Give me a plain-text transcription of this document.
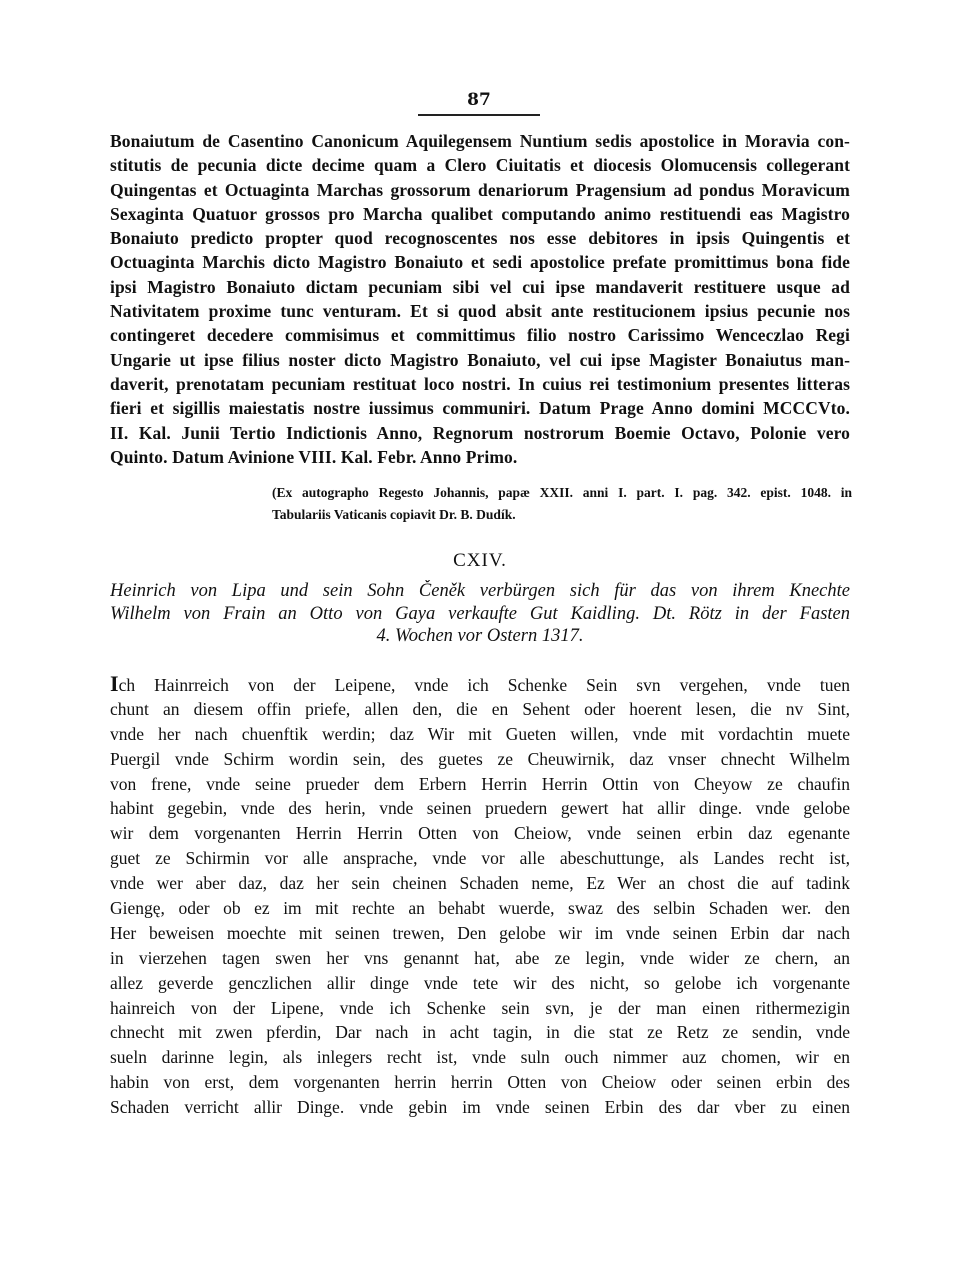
87
Bonaiutum de Casentino Canonicum Aquilegensem Nuntium sedis apostolice in Moravia con-
stitutis de pecunia dicte decime quam a Clero Ciuitatis et diocesis Olomucensis collegerant
Quingentas et Octuaginta Marchas grossorum denariorum Pragensium ad pondus Moravicum
Sexaginta Quatuor grossos pro Marcha qualibet computando animo restituendi eas Magistro
Bonaiuto predicto propter quod recognoscentes nos esse debitores in ipsis Quingentis et
Octuaginta Marchis dicto Magistro Bonaiuto et sedi apostolice prefate promittimus bona fide
ipsi Magistro Bonaiuto dictam pecuniam sibi vel cui ipse mandaverit restituere usque ad
Nativitatem proxime tunc venturam. Et si quod absit ante restitucionem ipsius pecunie nos
contingeret decedere commisimus et committimus filio nostro Carissimo Wenceczlao Regi
Ungarie ut ipse filius noster dicto Magistro Bonaiuto, vel cui ipse Magister Bonaiutus man-
daverit, prenotatam pecuniam restituat loco nostri. In cuius rei testimonium presentes litteras
fieri et sigillis maiestatis nostre iussimus communiri. Datum Prage Anno domini MCCCVto.
II. Kal. Junii Tertio Indictionis Anno, Regnorum nostrorum Boemie Octavo, Polonie vero
Quinto. Datum Avinione VIII. Kal. Febr. Anno Primo.
(Ex autographo Regesto Johannis, papæ XXII. anni I. part. I. pag. 342. epist. 1048. in
Tabulariis Vaticanis copiavit Dr. B. Dudík.
CXIV.
Heinrich von Lipa und sein Sohn Čeněk verbürgen sich für das von ihrem Knechte
Wilhelm von Frain an Otto von Gaya verkaufte Gut Kaidling. Dt. Rötz in der Fasten
4. Wochen vor Ostern 1317.
Ich Hainrreich von der Leipene, vnde ich Schenke Sein svn vergehen, vnde tuen
chunt an diesem offin priefe, allen den, die en Sehent oder hoerent lesen, die nv Sint,
vnde her nach chuenftik werdin; daz Wir mit Gueten willen, vnde mit vordachtin muete
Puergil vnde Schirm wordin sein, des guetes ze Cheuwirnik, daz vnser chnecht Wilhelm
von frene, vnde seine prueder dem Erbern Herrin Herrin Ottin von Cheyow ze chaufin
habint gegebin, vnde des herin, vnde seinen pruedern gewert hat allir dinge. vnde gelobe
wir dem vorgenanten Herrin Herrin Otten von Cheiow, vnde seinen erbin daz egenante
guet ze Schirmin vor alle ansprache, vnde vor alle abeschuttunge, als Landes recht ist,
vnde wer aber daz, daz her sein cheinen Schaden neme, Ez Wer an chost die auf tadink
Giengę, oder ob ez im mit rechte an behabt wuerde, swaz des selbin Schaden wer. den
Her beweisen moechte mit seinen trewen, Den gelobe wir im vnde seinen Erbin dar nach
in vierzehen tagen swen her vns genannt hat, abe ze legin, vnde wider ze chern, an
allez geverde genczlichen allir dinge vnde tete wir des nicht, so gelobe ich vorgenante
hainreich von der Lipene, vnde ich Schenke sein svn, je der man einen rithermezigin
chnecht mit zwen pferdin, Dar nach in acht tagin, in die stat ze Retz ze sendin, vnde
sueln darinne legin, als inlegers recht ist, vnde suln ouch nimmer auz chomen, wir en
habin von erst, dem vorgenanten herrin herrin Otten von Cheiow oder seinen erbin des
Schaden verricht allir Dinge. vnde gebin im vnde seinen Erbin des dar vber zu einen
